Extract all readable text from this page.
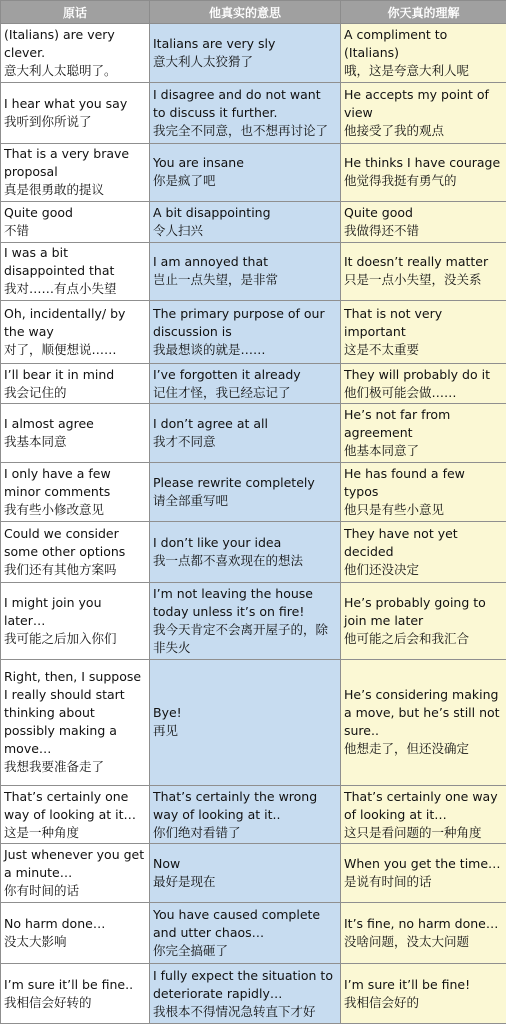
原话	他真实的意思	你天真的理解

(Italians) are very clever.
意大利人太聪明了。	Italians are very sly
意大利人太狡猾了	A compliment to (Italians)
哦，这是夸意大利人呢

I hear what you say
我听到你所说了	I disagree and do not want to discuss it further.
我完全不同意，也不想再讨论了	He accepts my point of view
他接受了我的观点

That is a very brave proposal
真是很勇敢的提议	You are insane
你是疯了吧	He thinks I have courage
他觉得我挺有勇气的

Quite good
不错	A bit disappointing
令人扫兴	Quite good
我做得还不错

I was a bit disappointed that
我对……有点小失望	I am annoyed that
岂止一点失望，是非常	It doesn’t really matter
只是一点小失望，没关系

Oh, incidentally/ by the way
对了，顺便想说……	The primary purpose of our discussion is
我最想谈的就是……	That is not very important
这是不太重要

I’ll bear it in mind
我会记住的	I’ve forgotten it already
记住才怪，我已经忘记了	They will probably do it
他们极可能会做……

I almost agree
我基本同意	I don’t agree at all
我才不同意	He’s not far from agreement
他基本同意了

I only have a few minor comments
我有些小修改意见	Please rewrite completely
请全部重写吧	He has found a few typos
他只是有些小意见

Could we consider some other options
我们还有其他方案吗	I don’t like your idea
我一点都不喜欢现在的想法	They have not yet decided
他们还没决定

I might join you later…
我可能之后加入你们	I’m not leaving the house today unless it’s on fire!
我今天肯定不会离开屋子的，除非失火	He’s probably going to join me later
他可能之后会和我汇合

Right, then, I suppose I really should start thinking about possibly making a move…
我想我要准备走了	Bye!
再见	He’s considering making a move, but he’s still not sure..
他想走了，但还没确定

That’s certainly one way of looking at it…
这是一种角度	That’s certainly the wrong way of looking at it..
你们绝对看错了	That’s certainly one way of looking at it…
这只是看问题的一种角度

Just whenever you get a minute…
你有时间的话	Now
最好是现在	When you get the time…
是说有时间的话

No harm done…
没太大影响	You have caused complete and utter chaos…
你完全搞砸了	It’s fine, no harm done…
没啥问题，没太大问题

I’m sure it’ll be fine..
我相信会好转的	I fully expect the situation to deteriorate rapidly…
我根本不得情况急转直下才好	I’m sure it’ll be fine!
我相信会好的
